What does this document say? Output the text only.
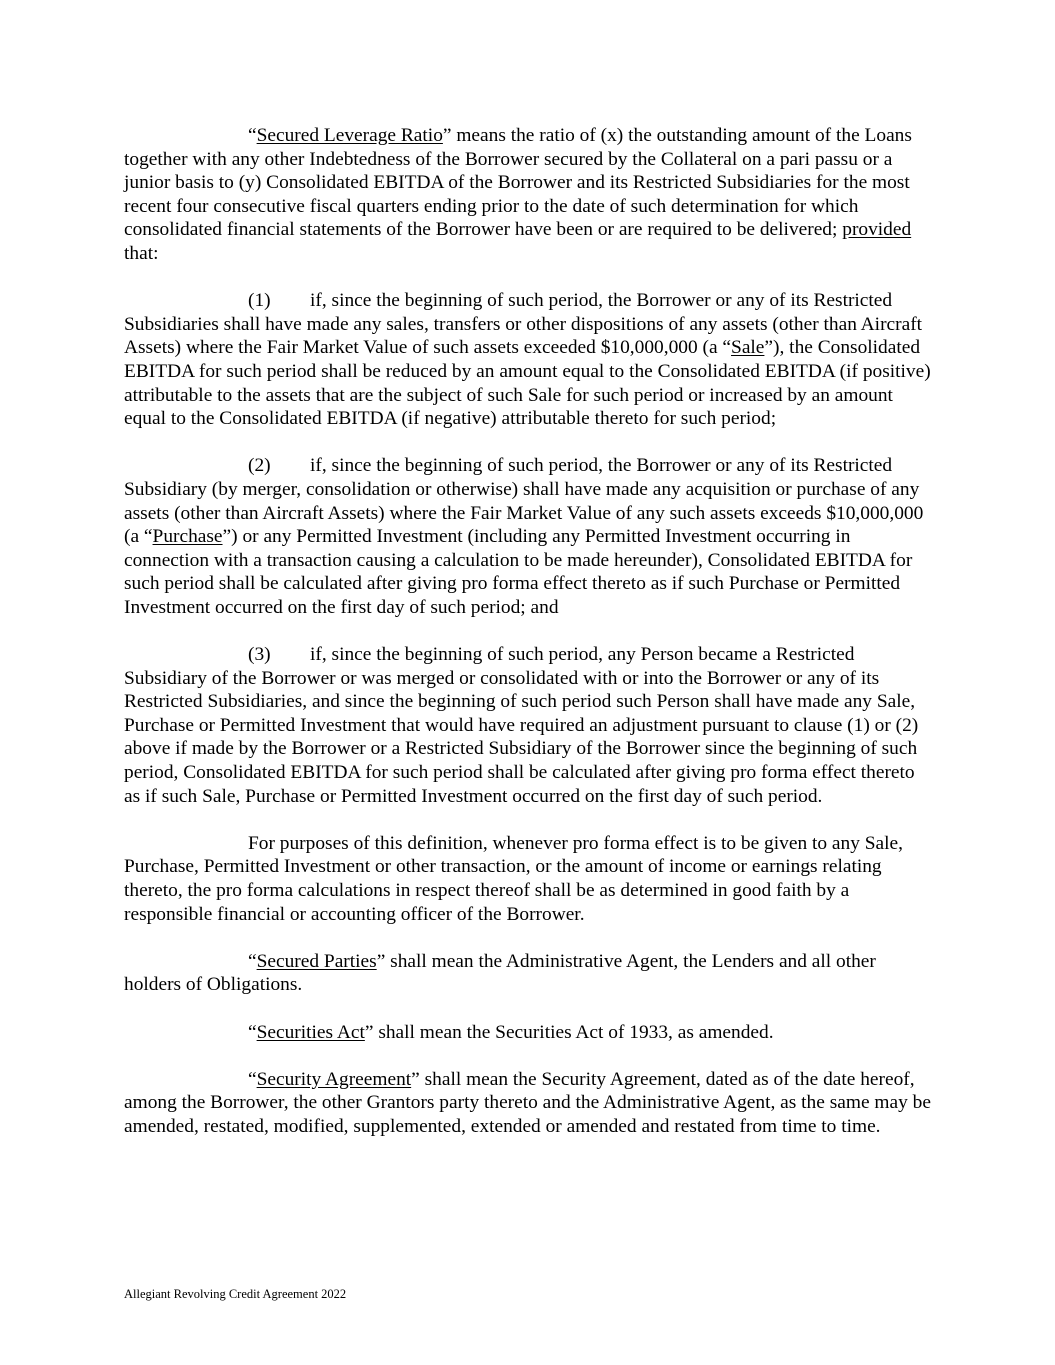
“Secured Leverage Ratio” means the ratio of (x) the outstanding amount of the Loans together with any other Indebtedness of the Borrower secured by the Collateral on a pari passu or a junior basis to (y) Consolidated EBITDA of the Borrower and its Restricted Subsidiaries for the most recent four consecutive fiscal quarters ending prior to the date of such determination for which consolidated financial statements of the Borrower have been or are required to be delivered; provided that:

(1) if, since the beginning of such period, the Borrower or any of its Restricted Subsidiaries shall have made any sales, transfers or other dispositions of any assets (other than Aircraft Assets) where the Fair Market Value of such assets exceeded $10,000,000 (a “Sale”), the Consolidated EBITDA for such period shall be reduced by an amount equal to the Consolidated EBITDA (if positive) attributable to the assets that are the subject of such Sale for such period or increased by an amount equal to the Consolidated EBITDA (if negative) attributable thereto for such period;

(2) if, since the beginning of such period, the Borrower or any of its Restricted Subsidiary (by merger, consolidation or otherwise) shall have made any acquisition or purchase of any assets (other than Aircraft Assets) where the Fair Market Value of any such assets exceeds $10,000,000 (a “Purchase”) or any Permitted Investment (including any Permitted Investment occurring in connection with a transaction causing a calculation to be made hereunder), Consolidated EBITDA for such period shall be calculated after giving pro forma effect thereto as if such Purchase or Permitted Investment occurred on the first day of such period; and

(3) if, since the beginning of such period, any Person became a Restricted Subsidiary of the Borrower or was merged or consolidated with or into the Borrower or any of its Restricted Subsidiaries, and since the beginning of such period such Person shall have made any Sale, Purchase or Permitted Investment that would have required an adjustment pursuant to clause (1) or (2) above if made by the Borrower or a Restricted Subsidiary of the Borrower since the beginning of such period, Consolidated EBITDA for such period shall be calculated after giving pro forma effect thereto as if such Sale, Purchase or Permitted Investment occurred on the first day of such period.

For purposes of this definition, whenever pro forma effect is to be given to any Sale, Purchase, Permitted Investment or other transaction, or the amount of income or earnings relating thereto, the pro forma calculations in respect thereof shall be as determined in good faith by a responsible financial or accounting officer of the Borrower.

“Secured Parties” shall mean the Administrative Agent, the Lenders and all other holders of Obligations.

“Securities Act” shall mean the Securities Act of 1933, as amended.

“Security Agreement” shall mean the Security Agreement, dated as of the date hereof, among the Borrower, the other Grantors party thereto and the Administrative Agent, as the same may be amended, restated, modified, supplemented, extended or amended and restated from time to time.

Allegiant Revolving Credit Agreement 2022
